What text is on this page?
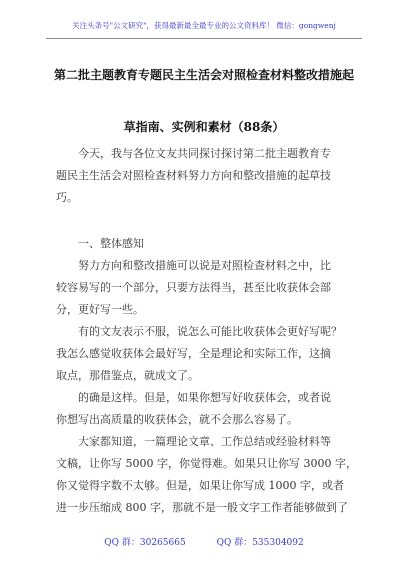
关注头条号"公文研究"，获得最新最全最专业的公文资料库！ 微信：gongwenj
第二批主题教育专题民主生活会对照检查材料整改措施起
草指南、实例和素材（88条）
今天，我与各位文友共同探讨探讨第二批主题教育专
题民主生活会对照检查材料努力方向和整改措施的起草技
巧。
一、整体感知
努力方向和整改措施可以说是对照检查材料之中，比
较容易写的一个部分，只要方法得当，甚至比收获体会部
分，更好写一些。
有的文友表示不服，说怎么可能比收获体会更好写呢？
我怎么感觉收获体会最好写，全是理论和实际工作，这摘
取点，那借鉴点，就成文了。
的确是这样。但是，如果你想写好收获体会，或者说
你想写出高质量的收获体会，就不会那么容易了。
大家都知道，一篇理论文章、工作总结或经验材料等
文稿，让你写 5000 字，你觉得难。如果只让你写 3000 字，
你又觉得字数不太够。但是，如果让你写成 1000 字，或者
进一步压缩成 800 字，那就不是一般文字工作者能够做到了
QQ 群：30265665	QQ 群：535304092
